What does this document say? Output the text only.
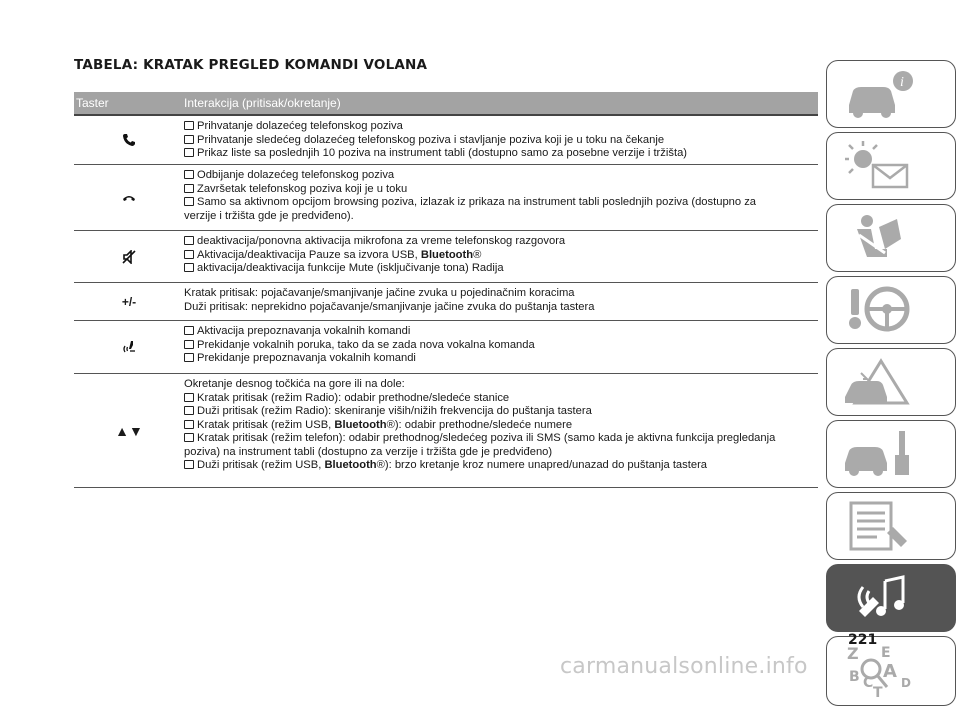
TABELA: KRATAK PREGLED KOMANDI VOLANA
Taster	Interakcija (pritisak/okretanje)
Prihvatanje dolazećeg telefonskog poziva
Prihvatanje sledećeg dolazećeg telefonskog poziva i stavljanje poziva koji je u toku na čekanje
Prikaz liste sa poslednjih 10 poziva na instrument tabli (dostupno samo za posebne verzije i tržišta)
Odbijanje dolazećeg telefonskog poziva
Završetak telefonskog poziva koji je u toku
Samo sa aktivnom opcijom browsing poziva, izlazak iz prikaza na instrument tabli poslednjih poziva (dostupno za
verzije i tržišta gde je predviđeno).
deaktivacija/ponovna aktivacija mikrofona za vreme telefonskog razgovora
Aktivacija/deaktivacija Pauze sa izvora USB, Bluetooth®
aktivacija/deaktivacija funkcije Mute (isključivanje tona) Radija
+/-
Kratak pritisak: pojačavanje/smanjivanje jačine zvuka u pojedinačnim koracima
Duži pritisak: neprekidno pojačavanje/smanjivanje jačine zvuka do puštanja tastera
Aktivacija prepoznavanja vokalnih komandi
Prekidanje vokalnih poruka, tako da se zada nova vokalna komanda
Prekidanje prepoznavanja vokalnih komandi
▲▼
Okretanje desnog točkića na gore ili na dole:
Kratak pritisak (režim Radio): odabir prethodne/sledeće stanice
Duži pritisak (režim Radio): skeniranje viših/nižih frekvencija do puštanja tastera
Kratak pritisak (režim USB, Bluetooth®): odabir prethodne/sledeće numere
Kratak pritisak (režim telefon): odabir prethodnog/sledećeg poziva ili SMS (samo kada je aktivna funkcija pregledanja
poziva) na instrument tabli (dostupno za verzije i tržišta gde je predviđeno)
Duži pritisak (režim USB, Bluetooth®): brzo kretanje kroz numere unapred/unazad do puštanja tastera
i
Z E
A
B C D
T
221
carmanualsonline.info
